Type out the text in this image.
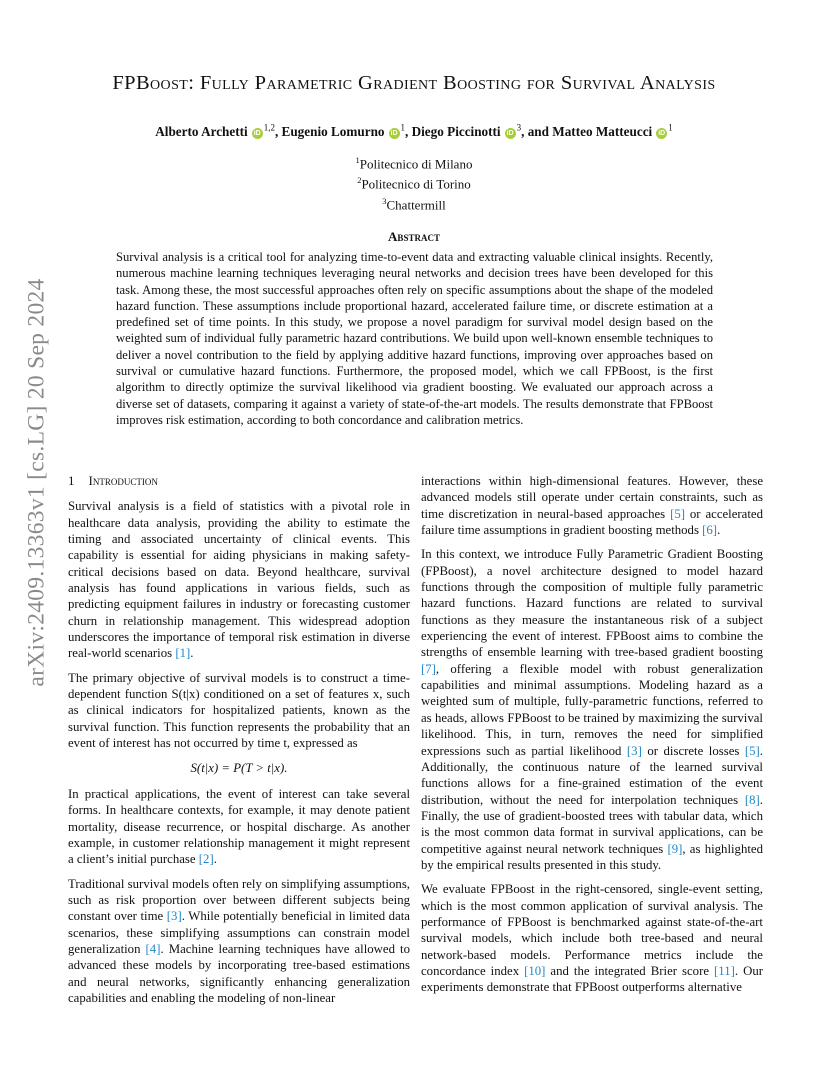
arXiv:2409.13363v1 [cs.LG] 20 Sep 2024
FPBoost: Fully Parametric Gradient Boosting for Survival Analysis
Alberto Archetti iD$^{1,2}$, Eugenio Lomurno $iD^1$, Diego Piccinotti $iD^3$, and Matteo Matteucci $iD^1$
$^1$Politecnico di Milano
$^2$Politecnico di Torino
$^3$Chattermill
Abstract
Survival analysis is a critical tool for analyzing time-to-event data and extracting valuable clinical insights. Recently, numerous machine learning techniques leveraging neural networks and decision trees have been developed for this task. Among these, the most successful approaches often rely on specific assumptions about the shape of the modeled hazard function. These assumptions include proportional hazard, accelerated failure time, or discrete estimation at a predefined set of time points. In this study, we propose a novel paradigm for survival model design based on the weighted sum of individual fully parametric hazard contributions. We build upon well-known ensemble techniques to deliver a novel contribution to the field by applying additive hazard functions, improving over approaches based on survival or cumulative hazard functions. Furthermore, the proposed model, which we call FPBoost, is the first algorithm to directly optimize the survival likelihood via gradient boosting. We evaluated our approach across a diverse set of datasets, comparing it against a variety of state-of-the-art models. The results demonstrate that FPBoost improves risk estimation, according to both concordance and calibration metrics.
1 Introduction

Survival analysis is a field of statistics with a pivotal role in healthcare data analysis, providing the ability to estimate the timing and associated uncertainty of clinical events. This capability is essential for aiding physicians in making safety-critical decisions based on data. Beyond healthcare, survival analysis has found applications in various fields, such as predicting equipment failures in industry or forecasting customer churn in relationship management. This widespread adoption underscores the importance of temporal risk estimation in diverse real-world scenarios [1].

The primary objective of survival models is to construct a time-dependent function S(t|x) conditioned on a set of features x, such as clinical indicators for hospitalized patients, known as the survival function. This function represents the probability that an event of interest has not occurred by time t, expressed as

S(t|x) = P(T > t|x).

In practical applications, the event of interest can take several forms. In healthcare contexts, for example, it may denote patient mortality, disease recurrence, or hospital discharge. As another example, in customer relationship management it might represent a client’s initial purchase [2].

Traditional survival models often rely on simplifying assumptions, such as risk proportion over between different subjects being constant over time [3]. While potentially beneficial in limited data scenarios, these simplifying assumptions can constrain model generalization [4]. Machine learning techniques have allowed to advanced these models by incorporating tree-based estimations and neural networks, significantly enhancing generalization capabilities and enabling the modeling of non-linear

interactions within high-dimensional features. However, these advanced models still operate under certain constraints, such as time discretization in neural-based approaches [5] or accelerated failure time assumptions in gradient boosting methods [6].

In this context, we introduce Fully Parametric Gradient Boosting (FPBoost), a novel architecture designed to model hazard functions through the composition of multiple fully parametric hazard functions. Hazard functions are related to survival functions as they measure the instantaneous risk of a subject experiencing the event of interest. FPBoost aims to combine the strengths of ensemble learning with tree-based gradient boosting [7], offering a flexible model with robust generalization capabilities and minimal assumptions. Modeling hazard as a weighted sum of multiple, fully-parametric functions, referred to as heads, allows FPBoost to be trained by maximizing the survival likelihood. This, in turn, removes the need for simplified expressions such as partial likelihood [3] or discrete losses [5]. Additionally, the continuous nature of the learned survival functions allows for a fine-grained estimation of the event distribution, without the need for interpolation techniques [8]. Finally, the use of gradient-boosted trees with tabular data, which is the most common data format in survival applications, can be competitive against neural network techniques [9], as highlighted by the empirical results presented in this study.

We evaluate FPBoost in the right-censored, single-event setting, which is the most common application of survival analysis. The performance of FPBoost is benchmarked against state-of-the-art survival models, which include both tree-based and neural network-based models. Performance metrics include the concordance index [10] and the integrated Brier score [11]. Our experiments demonstrate that FPBoost outperforms alternative
